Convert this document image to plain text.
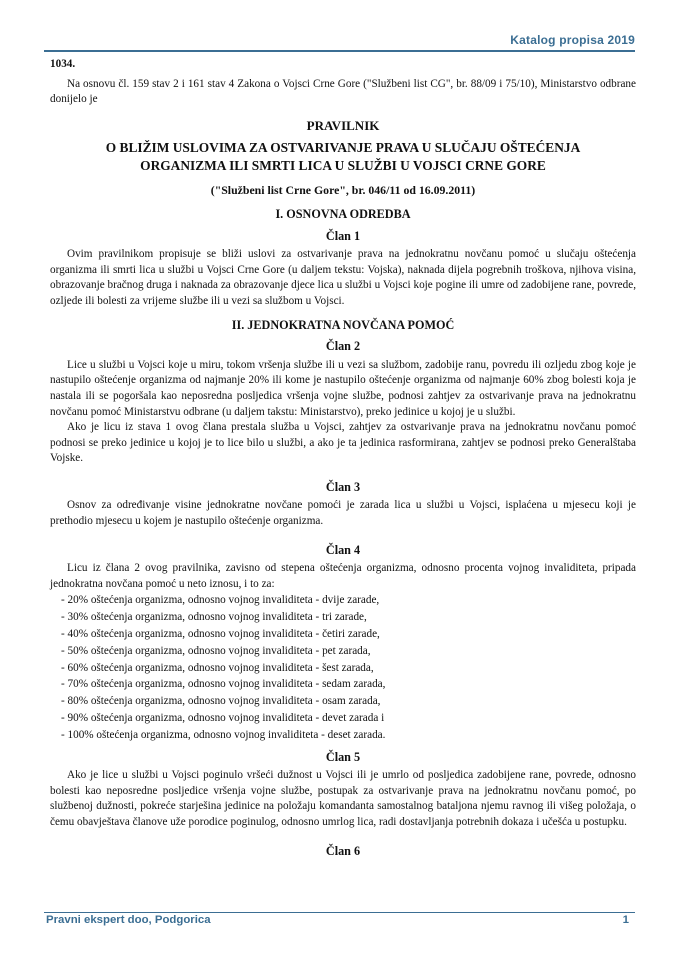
Katalog propisa 2019

1034.

Na osnovu čl. 159 stav 2 i 161 stav 4 Zakona o Vojsci Crne Gore ("Službeni list CG", br. 88/09 i 75/10), Ministarstvo odbrane donijelo je

PRAVILNIK

O BLIŽIM USLOVIMA ZA OSTVARIVANJE PRAVA U SLUČAJU OŠTEĆENJA

ORGANIZMA ILI SMRTI LICA U SLUŽBI U VOJSCI CRNE GORE

("Službeni list Crne Gore", br. 046/11 od 16.09.2011)

I. OSNOVNA ODREDBA

Član 1

Ovim pravilnikom propisuje se bliži uslovi za ostvarivanje prava na jednokratnu novčanu pomoć u slučaju oštećenja organizma ili smrti lica u službi u Vojsci Crne Gore (u daljem tekstu: Vojska), naknada dijela pogrebnih troškova, njihova visina, obrazovanje bračnog druga i naknada za obrazovanje djece lica u službi u Vojsci koje pogine ili umre od zadobijene rane, povrede, ozljede ili bolesti za vrijeme službe ili u vezi sa službom u Vojsci.

II. JEDNOKRATNA NOVČANA POMOĆ

Član 2

Lice u službi u Vojsci koje u miru, tokom vršenja službe ili u vezi sa službom, zadobije ranu, povredu ili ozljedu zbog koje je nastupilo oštećenje organizma od najmanje 20% ili kome je nastupilo oštećenje organizma od najmanje 60% zbog bolesti koja je nastala ili se pogoršala kao neposredna posljedica vršenja vojne službe, podnosi zahtjev za ostvarivanje prava na jednokratnu novčanu pomoć Ministarstvu odbrane (u daljem takstu: Ministarstvo), preko jedinice u kojoj je u službi.

Ako je licu iz stava 1 ovog člana prestala služba u Vojsci, zahtjev za ostvarivanje prava na jednokratnu novčanu pomoć podnosi se preko jedinice u kojoj je to lice bilo u službi, a ako je ta jedinica rasformirana, zahtjev se podnosi preko Generalštaba Vojske.

Član 3

Osnov za određivanje visine jednokratne novčane pomoći je zarada lica u službi u Vojsci, isplaćena u mjesecu koji je prethodio mjesecu u kojem je nastupilo oštećenje organizma.

Član 4

Licu iz člana 2 ovog pravilnika, zavisno od stepena oštećenja organizma, odnosno procenta vojnog invaliditeta, pripada jednokratna novčana pomoć u neto iznosu, i to za:

- 20% oštećenja organizma, odnosno vojnog invaliditeta - dvije zarade,

- 30% oštećenja organizma, odnosno vojnog invaliditeta - tri zarade,

- 40% oštećenja organizma, odnosno vojnog invaliditeta - četiri zarade,

- 50% oštećenja organizma, odnosno vojnog invaliditeta - pet zarada,

- 60% oštećenja organizma, odnosno vojnog invaliditeta - šest zarada,

- 70% oštećenja organizma, odnosno vojnog invaliditeta - sedam zarada,

- 80% oštećenja organizma, odnosno vojnog invaliditeta - osam zarada,

- 90% oštećenja organizma, odnosno vojnog invaliditeta - devet zarada i

- 100% oštećenja organizma, odnosno vojnog invaliditeta - deset zarada.

Član 5

Ako je lice u službi u Vojsci poginulo vršeći dužnost u Vojsci ili je umrlo od posljedica zadobijene rane, povrede, odnosno bolesti kao neposredne posljedice vršenja vojne službe, postupak za ostvarivanje prava na jednokratnu novčanu pomoć, po službenoj dužnosti, pokreće starješina jedinice na položaju komandanta samostalnog bataljona njemu ravnog ili višeg položaja, o čemu obavještava članove uže porodice poginulog, odnosno umrlog lica, radi dostavljanja potrebnih dokaza i učešća u postupku.

Član 6

Pravni ekspert doo, Podgorica	1
